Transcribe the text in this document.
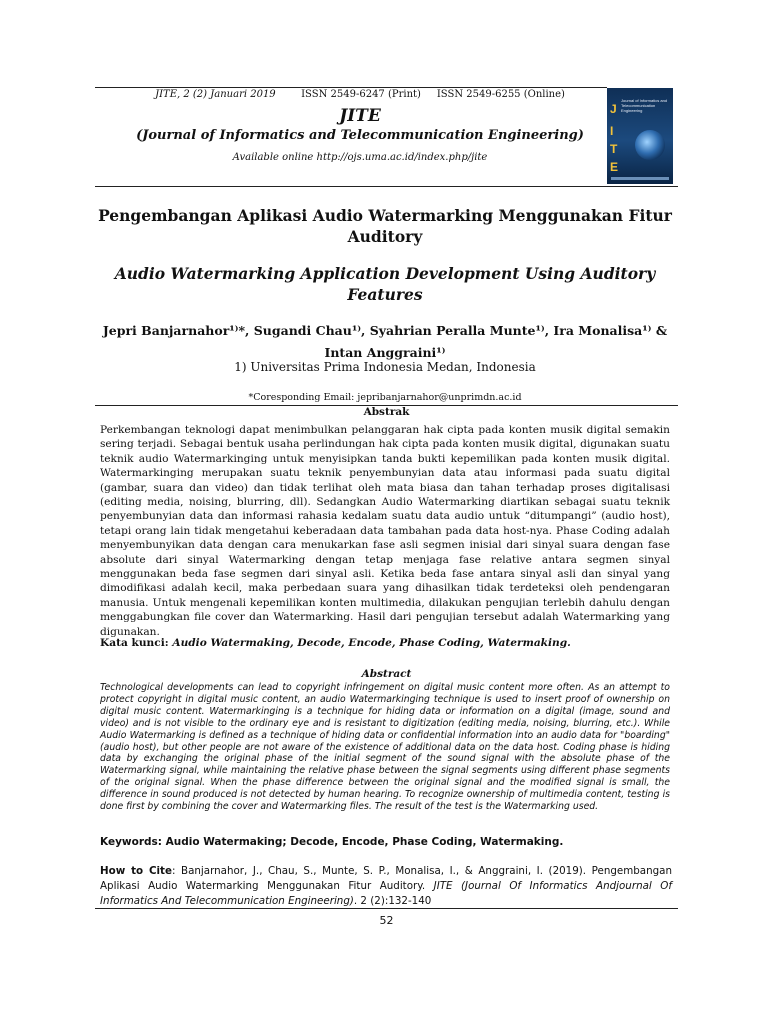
JITE, 2 (2) Januari 2019	ISSN 2549-6247 (Print) ISSN 2549-6255 (Online)
JITE
(Journal of Informatics and Telecommunication Engineering)
Available online http://ojs.uma.ac.id/index.php/jite
Journal of Informatics and Telecommunication Engineering
J
I
T
E
Pengembangan Aplikasi Audio Watermarking Menggunakan Fitur Auditory
Audio Watermarking Application Development Using Auditory Features
Jepri Banjarnahor¹⁾*, Sugandi Chau¹⁾, Syahrian Peralla Munte¹⁾, Ira Monalisa¹⁾ &
Intan Anggraini¹⁾
1) Universitas Prima Indonesia Medan, Indonesia
*Coresponding Email: jepribanjarnahor@unprimdn.ac.id
Abstrak
Perkembangan teknologi dapat menimbulkan pelanggaran hak cipta pada konten musik digital semakin sering terjadi. Sebagai bentuk usaha perlindungan hak cipta pada konten musik digital, digunakan suatu teknik audio Watermarkinging untuk menyisipkan tanda bukti kepemilikan pada konten musik digital. Watermarkinging merupakan suatu teknik penyembunyian data atau informasi pada suatu digital (gambar, suara dan video) dan tidak terlihat oleh mata biasa dan tahan terhadap proses digitalisasi (editing media, noising, blurring, dll). Sedangkan Audio Watermarking diartikan sebagai suatu teknik penyembunyian data dan informasi rahasia kedalam suatu data audio untuk “ditumpangi” (audio host), tetapi orang lain tidak mengetahui keberadaan data tambahan pada data host-nya. Phase Coding adalah menyembunyikan data dengan cara menukarkan fase asli segmen inisial dari sinyal suara dengan fase absolute dari sinyal Watermarking dengan tetap menjaga fase relative antara segmen sinyal menggunakan beda fase segmen dari sinyal asli. Ketika beda fase antara sinyal asli dan sinyal yang dimodifikasi adalah kecil, maka perbedaan suara yang dihasilkan tidak terdeteksi oleh pendengaran manusia. Untuk mengenali kepemilikan konten multimedia, dilakukan pengujian terlebih dahulu dengan menggabungkan file cover dan Watermarking. Hasil dari pengujian tersebut adalah Watermarking yang digunakan.
Kata kunci: Audio Watermaking, Decode, Encode, Phase Coding, Watermaking.
Abstract
Technological developments can lead to copyright infringement on digital music content more often. As an attempt to protect copyright in digital music content, an audio Watermarkinging technique is used to insert proof of ownership on digital music content. Watermarkinging is a technique for hiding data or information on a digital (image, sound and video) and is not visible to the ordinary eye and is resistant to digitization (editing media, noising, blurring, etc.). While Audio Watermarking is defined as a technique of hiding data or confidential information into an audio data for "boarding" (audio host), but other people are not aware of the existence of additional data on the data host. Coding phase is hiding data by exchanging the original phase of the initial segment of the sound signal with the absolute phase of the Watermarking signal, while maintaining the relative phase between the signal segments using different phase segments of the original signal. When the phase difference between the original signal and the modified signal is small, the difference in sound produced is not detected by human hearing. To recognize ownership of multimedia content, testing is done first by combining the cover and Watermarking files. The result of the test is the Watermarking used.
Keywords: Audio Watermaking; Decode, Encode, Phase Coding, Watermaking.
How to Cite: Banjarnahor, J., Chau, S., Munte, S. P., Monalisa, I., & Anggraini, I. (2019). Pengembangan Aplikasi Audio Watermarking Menggunakan Fitur Auditory. JITE (Journal Of Informatics Andjournal Of Informatics And Telecommunication Engineering). 2 (2):132-140
52
